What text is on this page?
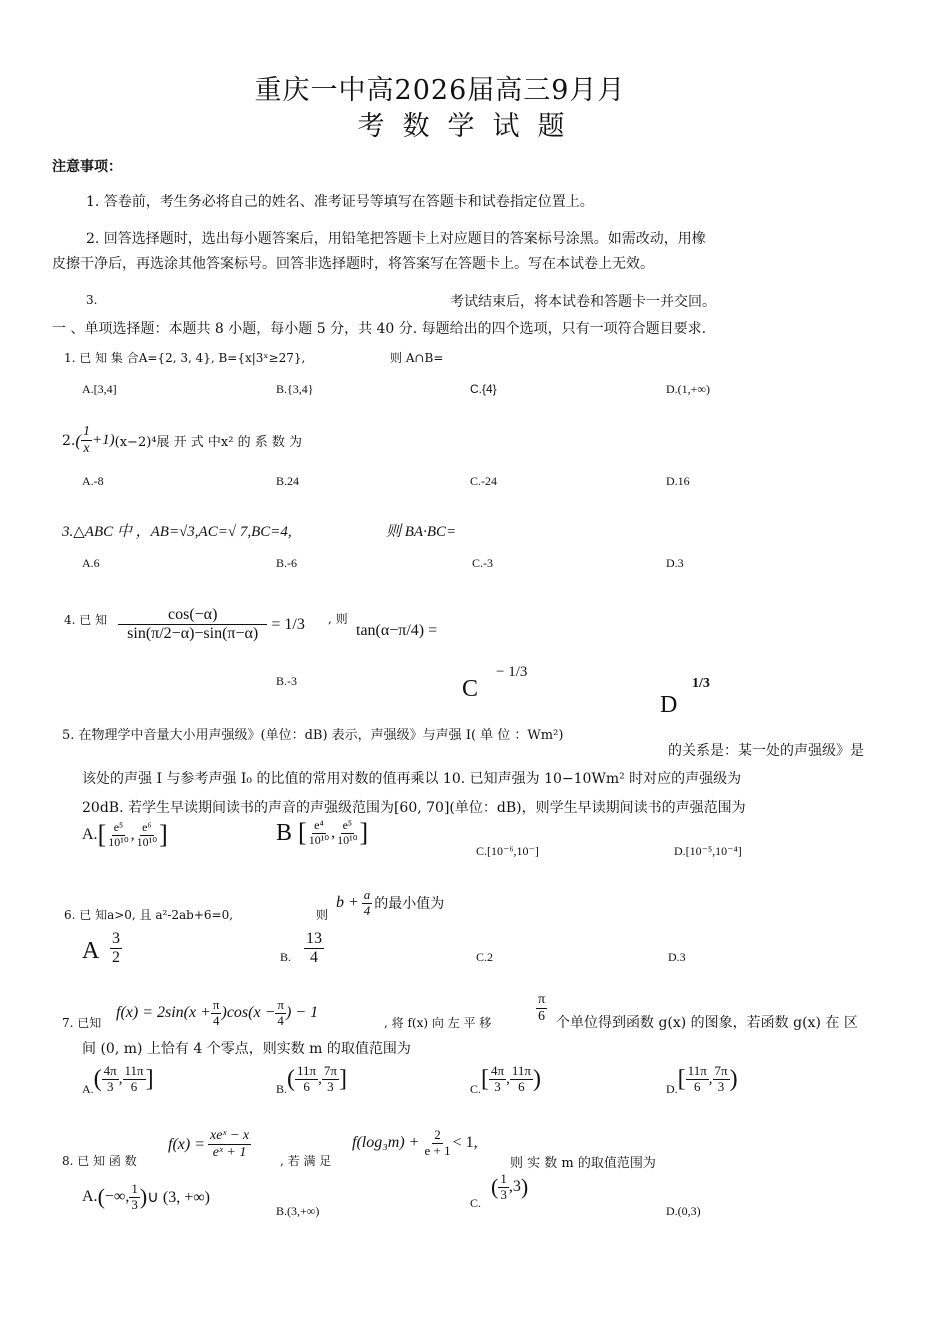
重庆一中高2026届高三9月月
考数学试题
注意事项：
1. 答卷前，考生务必将自己的姓名、准考证号等填写在答题卡和试卷指定位置上。
2. 回答选择题时，选出每小题答案后，用铅笔把答题卡上对应题目的答案标号涂黑。如需改动，用橡
皮擦干净后，再选涂其他答案标号。回答非选择题时，将答案写在答题卡上。写在本试卷上无效。
3.	考试结束后，将本试卷和答题卡一并交回。
一 、单项选择题：本题共 8 小题，每小题 5 分，共 40 分. 每题给出的四个选项，只有一项符合题目要求.
1. 已 知 集 合A={2, 3, 4}, B={x|3ˣ≥27},	则 A∩B=
A.[3,4]	B.{3,4}	C.{4}	D.(1,+∞)
2. ( $\frac{1}{x} +1$) (x−2)⁴展 开 式 中x² 的 系 数 为
A.-8	B.24	C.-24	D.16
3.△ABC 中 ，AB=√3,AC=√ 7,BC=4,	则 BA·BC=
A.6	B.-6	C.-3	D.3
4. 已 知 $\frac{\cos(-\alpha)}{\sin(\pi/2-\alpha)-\sin(\pi-\alpha)} = 1/3$ , 则
tan(α−π/4) =
B.-3	C
− 1/3
D
1/3
5. 在物理学中音量大小用声强级》(单位：dB) 表示，声强级》与声强 I( 单 位 ：Wm²)
的关系是：某一处的声强级》是
该处的声强 I 与参考声强 I₀ 的比值的常用对数的值再乘以 10. 已知声强为 10−10Wm² 时对应的声强级为
20dB. 若学生早读期间读书的声音的声强级范围为[60, 70](单位：dB)，则学生早读期间读书的声强范围为
A. [ $\frac{\text{e⁵}}{\text{10¹⁰}}$ , $\frac{\text{e⁶}}{\text{10¹⁰}}$ ]	B [ $\frac{\text{e⁴}}{\text{10¹⁰}}$ , $\frac{\text{e⁵}}{\text{10¹⁰}}$ ]
C.[10⁻⁶,10⁻]	D.[10⁻⁵,10⁻⁴]
6. 已 知a>0, 且 a²-2ab+6=0,	则
$b + \frac{a}{4}$ 的最小值为
A $\frac{3}{2}$	B. $\frac{13}{4}$	C.2	D.3
7. 已知
$f(x) = 2\sin(x + \frac{\pi}{4} )\cos(x - \frac{\pi}{4}$ ) − 1
, 将 f(x) 向 左 平 移	$\frac{\pi}{6}$ 个单位得到函数 g(x) 的图象，若函数 g(x) 在 区
间 (0, m) 上恰有 4 个零点，则实数 m 的取值范围为
A. ( $\frac{4\pi}{3}$ , $\frac{11\pi}{6}$ ]	B. ( $\frac{11\pi}{6}$ , $\frac{7\pi}{3}$ ]	C. [ $\frac{4\pi}{3}$ , $\frac{11\pi}{6}$ )	D. [ $\frac{11\pi}{6}$ , $\frac{7\pi}{3}$ )
8. 已 知 函 数
$f(x) = \frac{\text{xeˣ − x}}{\text{eˣ + 1}}$ , 若 满 足
$f(\log_3m) + \frac{2}{e + 1} < 1$,
则 实 数 m 的取值范围为
A. ( −∞, $\frac{1}{3}$ ) ∪ (3, +∞)
B.(3,+∞)
C.
( $\frac{1}{3} ,3$ )
D.(0,3)
